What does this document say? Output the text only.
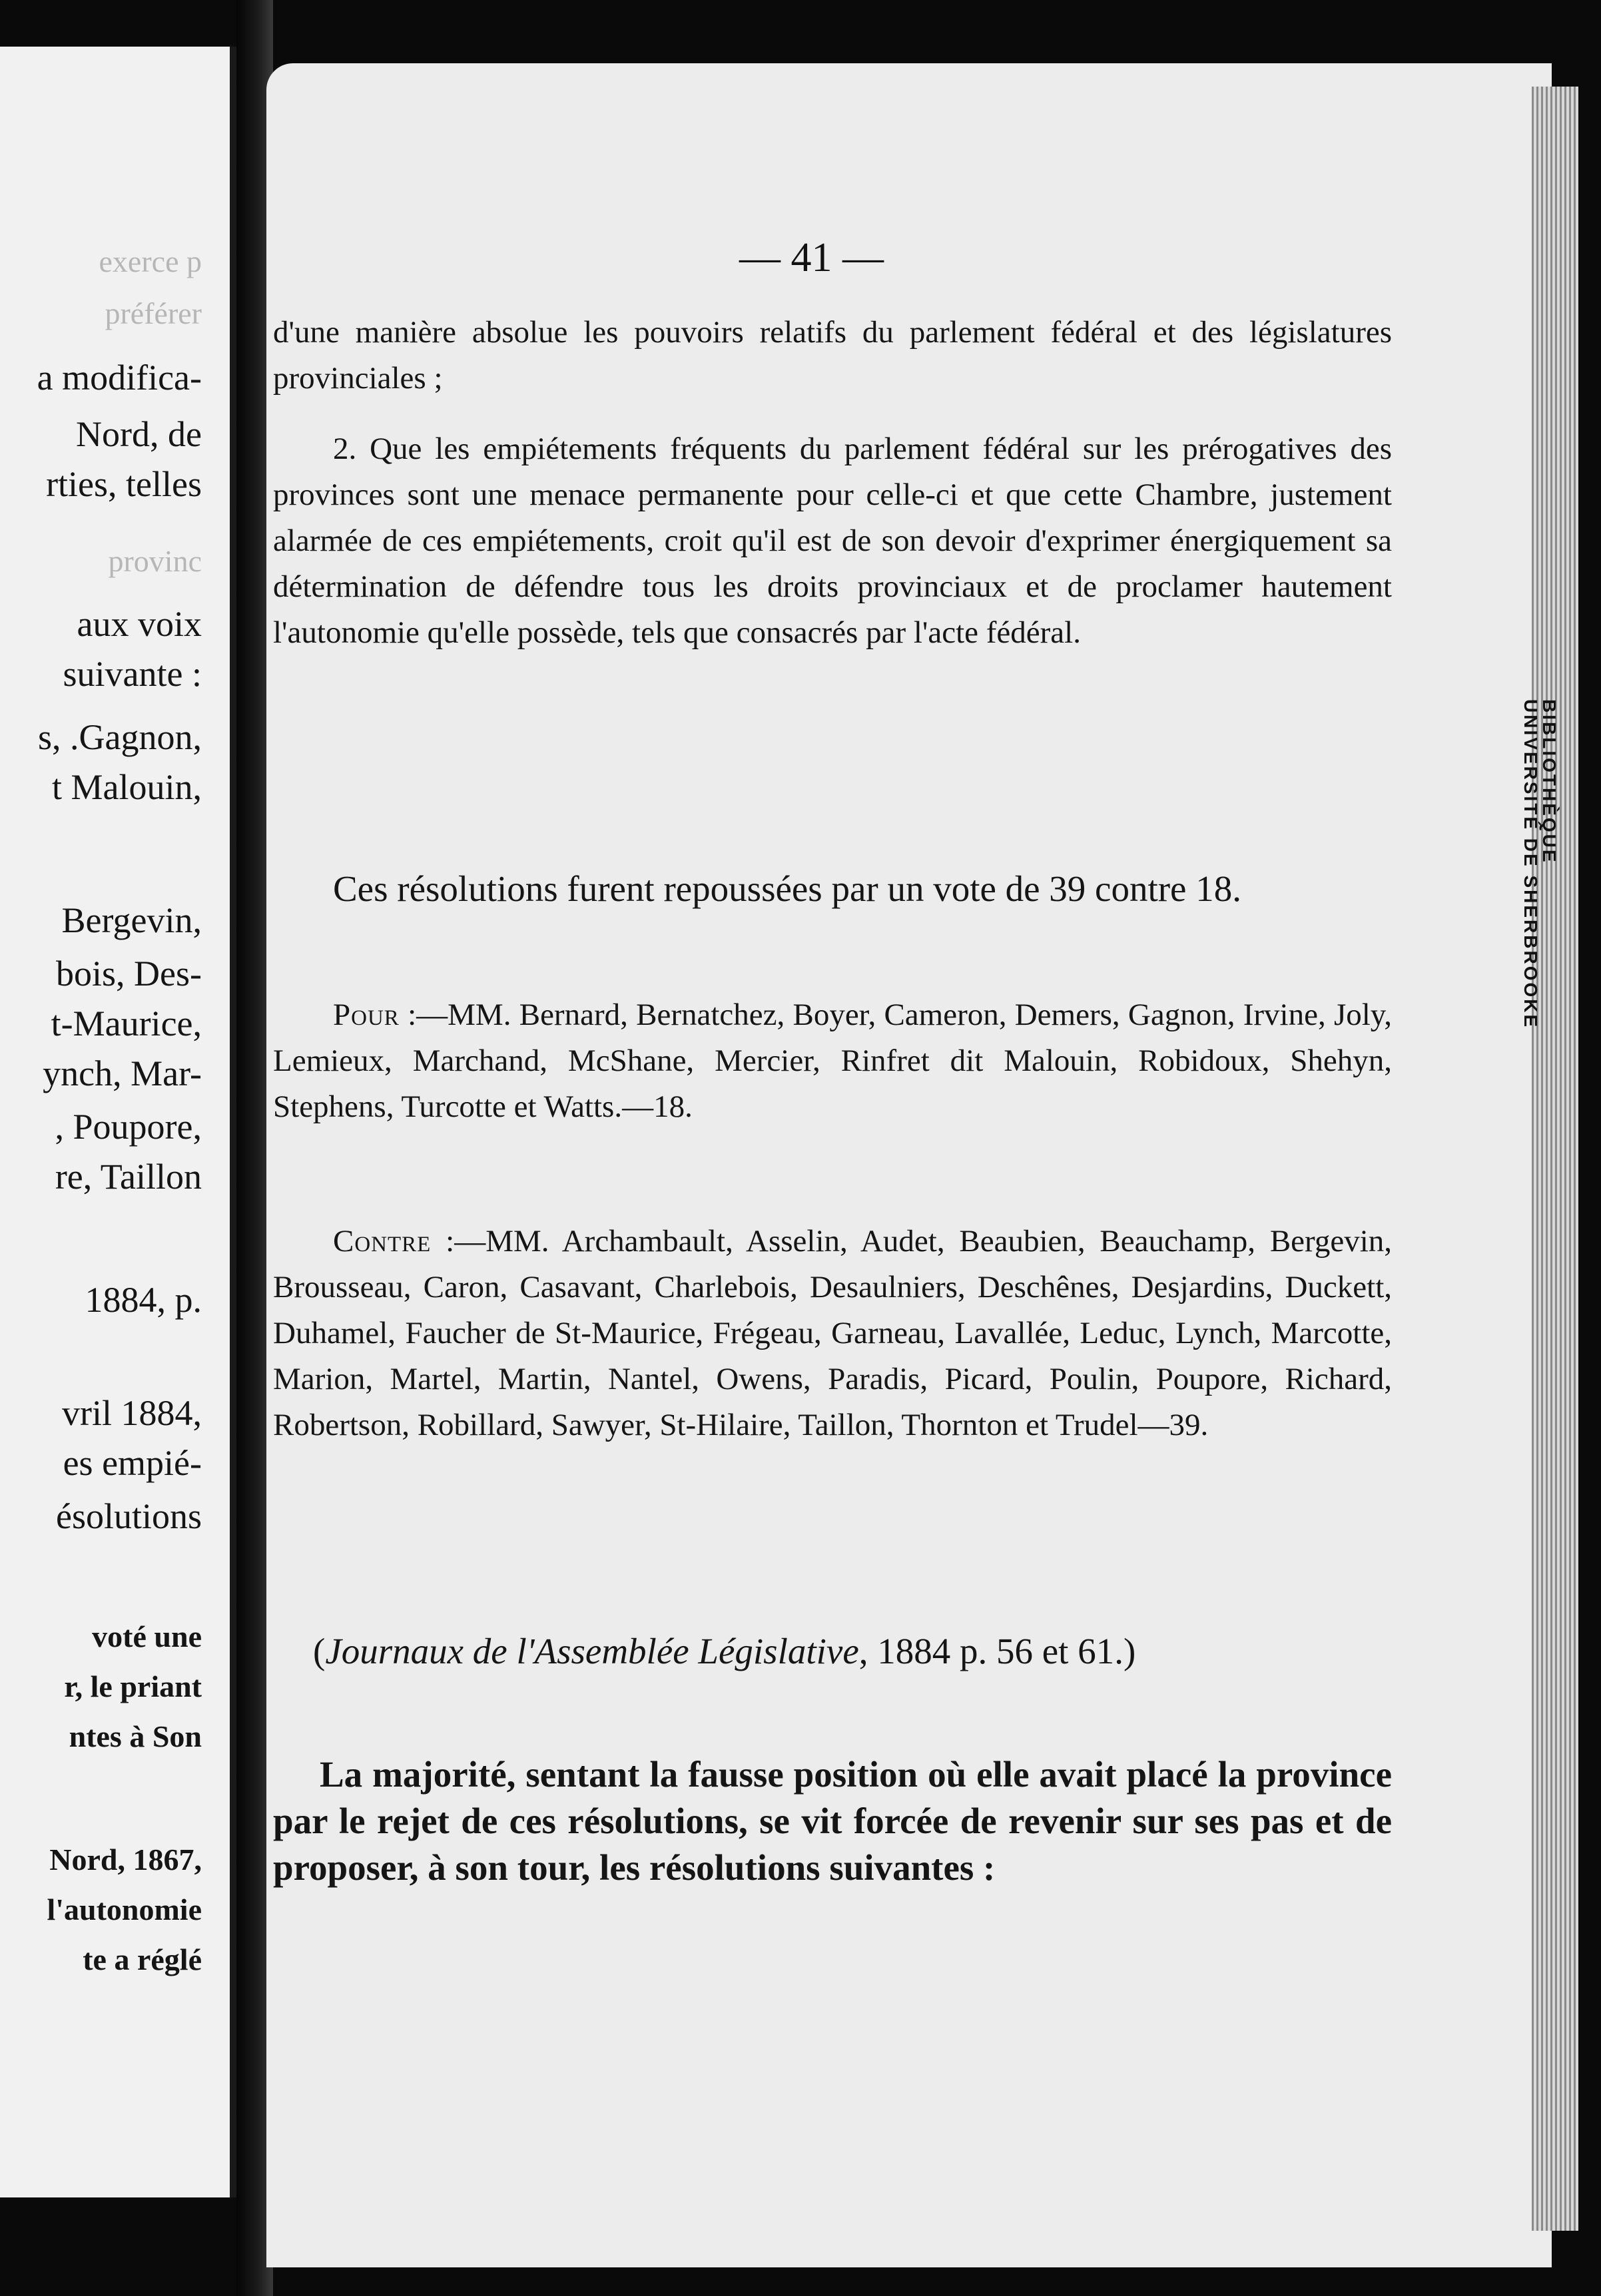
exerce p
préférer
a modifica-
Nord, de
rties, telles
provinc
aux voix
suivante :
s, .Gagnon,
t Malouin,
Bergevin,
bois, Des-
t-Maurice,
ynch, Mar-
, Poupore,
re, Taillon
1884, p.
vril 1884,
es empié-
ésolutions
voté une
r, le priant
ntes à Son
Nord, 1867,
l'autonomie
te a réglé
BIBLIOTHÈQUE
UNIVERSITÉ DE SHERBROOKE
— 41 —

d'une manière absolue les pouvoirs relatifs du parlement fédéral et des législatures provinciales ;

2. Que les empiétements fréquents du parlement fédéral sur les prérogatives des provinces sont une menace permanente pour celle-ci et que cette Chambre, justement alarmée de ces empiétements, croit qu'il est de son devoir d'exprimer énergiquement sa détermination de défendre tous les droits provinciaux et de proclamer hautement l'autonomie qu'elle possède, tels que consacrés par l'acte fédéral.

Ces résolutions furent repoussées par un vote de 39 contre 18.

Pour :—MM. Bernard, Bernatchez, Boyer, Cameron, Demers, Gagnon, Irvine, Joly, Lemieux, Marchand, McShane, Mercier, Rinfret dit Malouin, Robidoux, Shehyn, Stephens, Turcotte et Watts.—18.

Contre :—MM. Archambault, Asselin, Audet, Beaubien, Beauchamp, Bergevin, Brousseau, Caron, Casavant, Charlebois, Desaulniers, Deschênes, Desjardins, Duckett, Duhamel, Faucher de St-Maurice, Frégeau, Garneau, Lavallée, Leduc, Lynch, Marcotte, Marion, Martel, Martin, Nantel, Owens, Paradis, Picard, Poulin, Poupore, Richard, Robertson, Robillard, Sawyer, St-Hilaire, Taillon, Thornton et Trudel—39.

(Journaux de l'Assemblée Législative, 1884 p. 56 et 61.)

La majorité, sentant la fausse position où elle avait placé la province par le rejet de ces résolutions, se vit forcée de revenir sur ses pas et de proposer, à son tour, les résolutions suivantes :
